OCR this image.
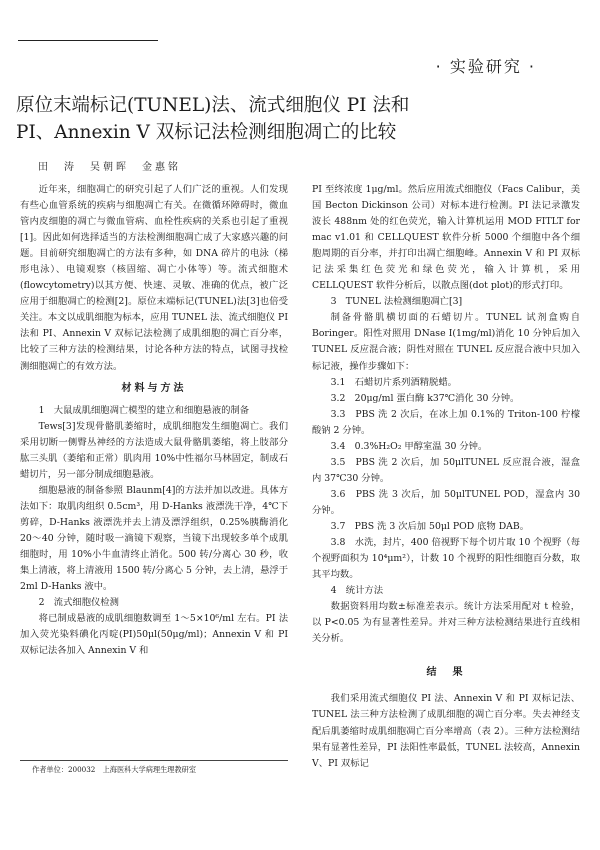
· 实验研究 ·
原位末端标记(TUNEL)法、流式细胞仪 PI 法和
PI、Annexin V 双标记法检测细胞凋亡的比较
田　涛　吴朝晖　金惠铭

近年来，细胞凋亡的研究引起了人们广泛的重视。人们发现有些心血管系统的疾病与细胞凋亡有关。在微循环障碍时，微血管内皮细胞的凋亡与微血管病、血栓性疾病的关系也引起了重视[1]。因此如何选择适当的方法检测细胞凋亡成了大家感兴趣的问题。目前研究细胞凋亡的方法有多种，如 DNA 碎片的电泳（梯形电泳）、电镜观察（核固缩、凋亡小体等）等。流式细胞术(flowcytometry)以其方便、快速、灵敏、准确的优点，被广泛应用于细胞凋亡的检测[2]。原位末端标记(TUNEL)法[3]也倍受关注。本文以成肌细胞为标本，应用 TUNEL 法、流式细胞仪 PI 法和 PI、Annexin V 双标记法检测了成肌细胞的凋亡百分率，比较了三种方法的检测结果，讨论各种方法的特点，试图寻找检测细胞凋亡的有效方法。

材料与方法

1　大鼠成肌细胞凋亡模型的建立和细胞悬液的制备

Tews[3]发现骨骼肌萎缩时，成肌细胞发生细胞凋亡。我们采用切断一侧臀丛神经的方法造成大鼠骨骼肌萎缩，将上肢部分肱三头肌（萎缩和正常）肌肉用 10%中性福尔马林固定，制成石蜡切片，另一部分制成细胞悬液。

细胞悬液的制备参照 Blaunm[4]的方法并加以改进。具体方法如下：取肌肉组织 0.5cm³，用 D-Hanks 液漂洗干净，4℃下剪碎，D-Hanks 液漂洗并去上清及漂浮组织，0.25%胰酶消化 20～40 分钟，随时吸一滴镜下观察，当镜下出现较多单个成肌细胞时，用 10%小牛血清终止消化。500 转/分离心 30 秒，收集上清液，将上清液用 1500 转/分离心 5 分钟，去上清，悬浮于 2ml D-Hanks 液中。

2　流式细胞仪检测

将已制成悬液的成肌细胞数调至 1～5×10⁶/ml 左右。PI 法加入荧光染料碘化丙啶(PI)50μl(50μg/ml)；Annexin V 和 PI 双标记法各加入 Annexin V 和

PI 至终浓度 1μg/ml。然后应用流式细胞仪（Facs Calibur，美国 Becton Dickinson 公司）对标本进行检测。PI 法记录激发波长 488nm 处的红色荧光，输入计算机运用 MOD FITLT for mac v1.01 和 CELLQUEST 软件分析 5000 个细胞中各个细胞周期的百分率，并打印出凋亡细胞峰。Annexin V 和 PI 双标记法采集红色荧光和绿色荧光，输入计算机，采用 CELLQUEST 软件分析后，以散点图(dot plot)的形式打印。

3　TUNEL 法检测细胞凋亡[3]

制备骨骼肌横切面的石蜡切片。TUNEL 试剂盒购自 Boringer。阳性对照用 DNase I(1mg/ml)消化 10 分钟后加入 TUNEL 反应混合液；阴性对照在 TUNEL 反应混合液中只加入标记液，操作步骤如下：

3.1　石蜡切片系列酒精脱蜡。

3.2　20μg/ml 蛋白酶 k37℃消化 30 分钟。

3.3　PBS 洗 2 次后，在冰上加 0.1%的 Triton-100 柠檬酸钠 2 分钟。

3.4　0.3%H₂O₂ 甲醇室温 30 分钟。

3.5　PBS 洗 2 次后，加 50μlTUNEL 反应混合液，湿盒内 37℃30 分钟。

3.6　PBS 洗 3 次后，加 50μlTUNEL POD，湿盒内 30 分钟。

3.7　PBS 洗 3 次后加 50μl POD 底物 DAB。

3.8　水洗，封片，400 倍视野下每个切片取 10 个视野（每个视野面积为 10⁴μm²），计数 10 个视野的阳性细胞百分数，取其平均数。

4　统计方法

数据资料用均数±标准差表示。统计方法采用配对 t 检验，以 P<0.05 为有显著性差异。并对三种方法检测结果进行直线相关分析。

结　果

我们采用流式细胞仪 PI 法、Annexin V 和 PI 双标记法、TUNEL 法三种方法检测了成肌细胞的凋亡百分率。失去神经支配后肌萎缩时成肌细胞凋亡百分率增高（表 2）。三种方法检测结果有显著性差异，PI 法阳性率最低，TUNEL 法较高，Annexin V、PI 双标记

作者单位：200032　上海医科大学病理生理教研室
